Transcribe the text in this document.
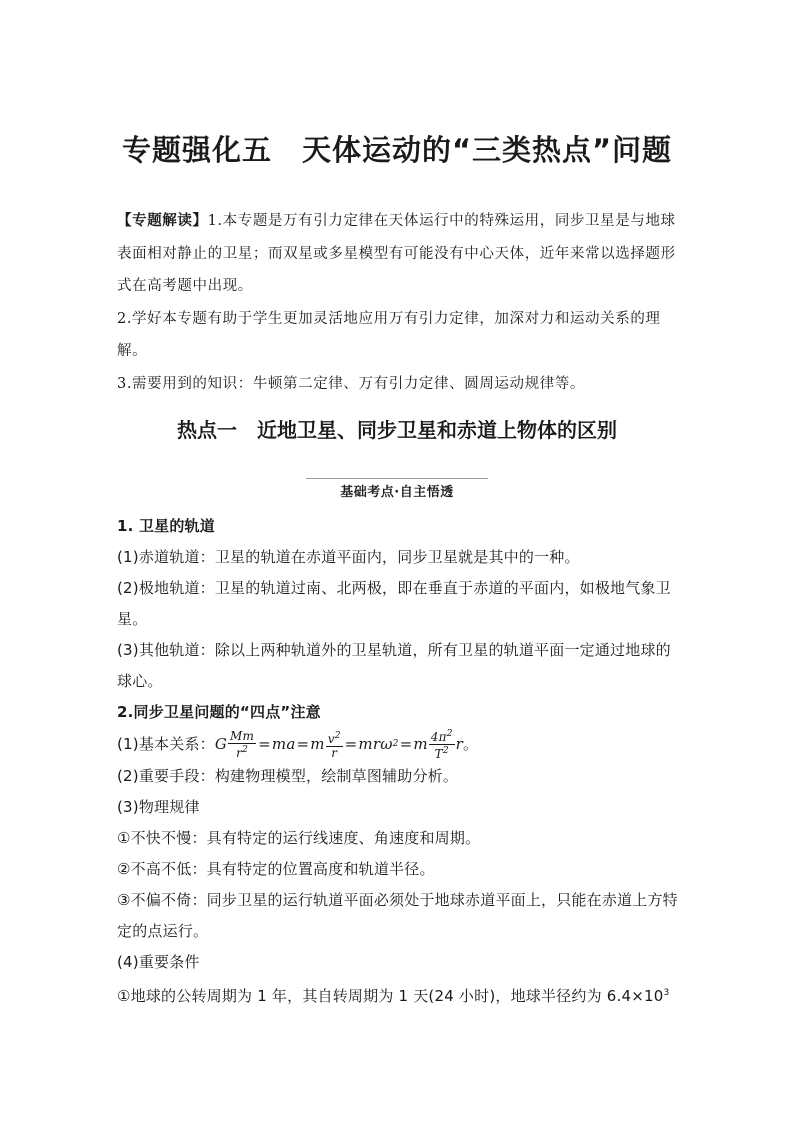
专题强化五　天体运动的“三类热点”问题

【专题解读】1.本专题是万有引力定律在天体运行中的特殊运用，同步卫星是与地球表面相对静止的卫星；而双星或多星模型有可能没有中心天体，近年来常以选择题形式在高考题中出现。

2.学好本专题有助于学生更加灵活地应用万有引力定律，加深对力和运动关系的理解。

3.需要用到的知识：牛顿第二定律、万有引力定律、圆周运动规律等。

热点一　近地卫星、同步卫星和赤道上物体的区别
基础考点·自主悟透

1. 卫星的轨道

(1)赤道轨道：卫星的轨道在赤道平面内，同步卫星就是其中的一种。

(2)极地轨道：卫星的轨道过南、北两极，即在垂直于赤道的平面内，如极地气象卫星。

(3)其他轨道：除以上两种轨道外的卫星轨道，所有卫星的轨道平面一定通过地球的球心。

2.同步卫星问题的“四点”注意

(1)基本关系：G $\frac{Mm}{r^2}$ = ma = m $\frac{v^2}{r} = mr\omega$ 2 = m $\frac{4\pi^2}{T^2}$ r。

(2)重要手段：构建物理模型，绘制草图辅助分析。

(3)物理规律

①不快不慢：具有特定的运行线速度、角速度和周期。

②不高不低：具有特定的位置高度和轨道半径。

③不偏不倚：同步卫星的运行轨道平面必须处于地球赤道平面上，只能在赤道上方特定的点运行。

(4)重要条件

①地球的公转周期为 1 年，其自转周期为 1 天(24 小时)，地球半径约为 $6.4\times 10^3$
